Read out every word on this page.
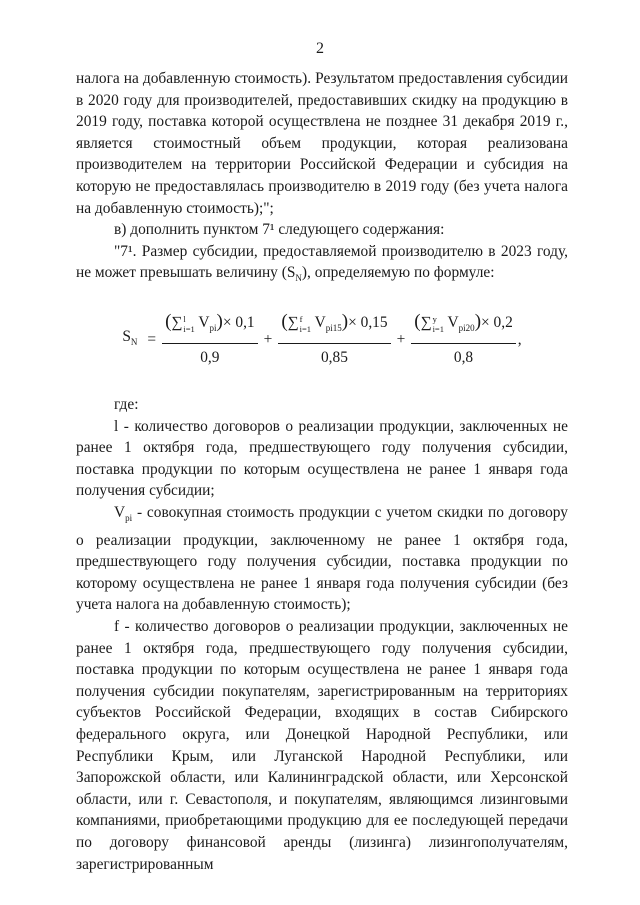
2

налога на добавленную стоимость). Результатом предоставления субсидии в 2020 году для производителей, предоставивших скидку на продукцию в 2019 году, поставка которой осуществлена не позднее 31 декабря 2019 г., является стоимостный объем продукции, которая реализована производителем на территории Российской Федерации и субсидия на которую не предоставлялась производителю в 2019 году (без учета налога на добавленную стоимость);";

в) дополнить пунктом 7¹ следующего содержания:

"7¹. Размер субсидии, предоставляемой производителю в 2023 году, не может превышать величину $(S_N)$, определяемую по формуле:

$S_N$ = (∑ l
i=1 $V_{pi})\times 0,1$
0,9 + (∑ f
i=1 $V_{pi15})\times 0,15$
0,85 + (∑ y
i=1 $V_{pi20})\times 0,2$
0,8 ,

где:

l - количество договоров о реализации продукции, заключенных не ранее 1 октября года, предшествующего году получения субсидии, поставка продукции по которым осуществлена не ранее 1 января года получения субсидии;

$V_{pi}$ - совокупная стоимость продукции с учетом скидки по договору о реализации продукции, заключенному не ранее 1 октября года, предшествующего году получения субсидии, поставка продукции по которому осуществлена не ранее 1 января года получения субсидии (без учета налога на добавленную стоимость);

f - количество договоров о реализации продукции, заключенных не ранее 1 октября года, предшествующего году получения субсидии, поставка продукции по которым осуществлена не ранее 1 января года получения субсидии покупателям, зарегистрированным на территориях субъектов Российской Федерации, входящих в состав Сибирского федерального округа, или Донецкой Народной Республики, или Республики Крым, или Луганской Народной Республики, или Запорожской области, или Калининградской области, или Херсонской области, или г. Севастополя, и покупателям, являющимся лизинговыми компаниями, приобретающими продукцию для ее последующей передачи по договору финансовой аренды (лизинга) лизингополучателям, зарегистрированным
